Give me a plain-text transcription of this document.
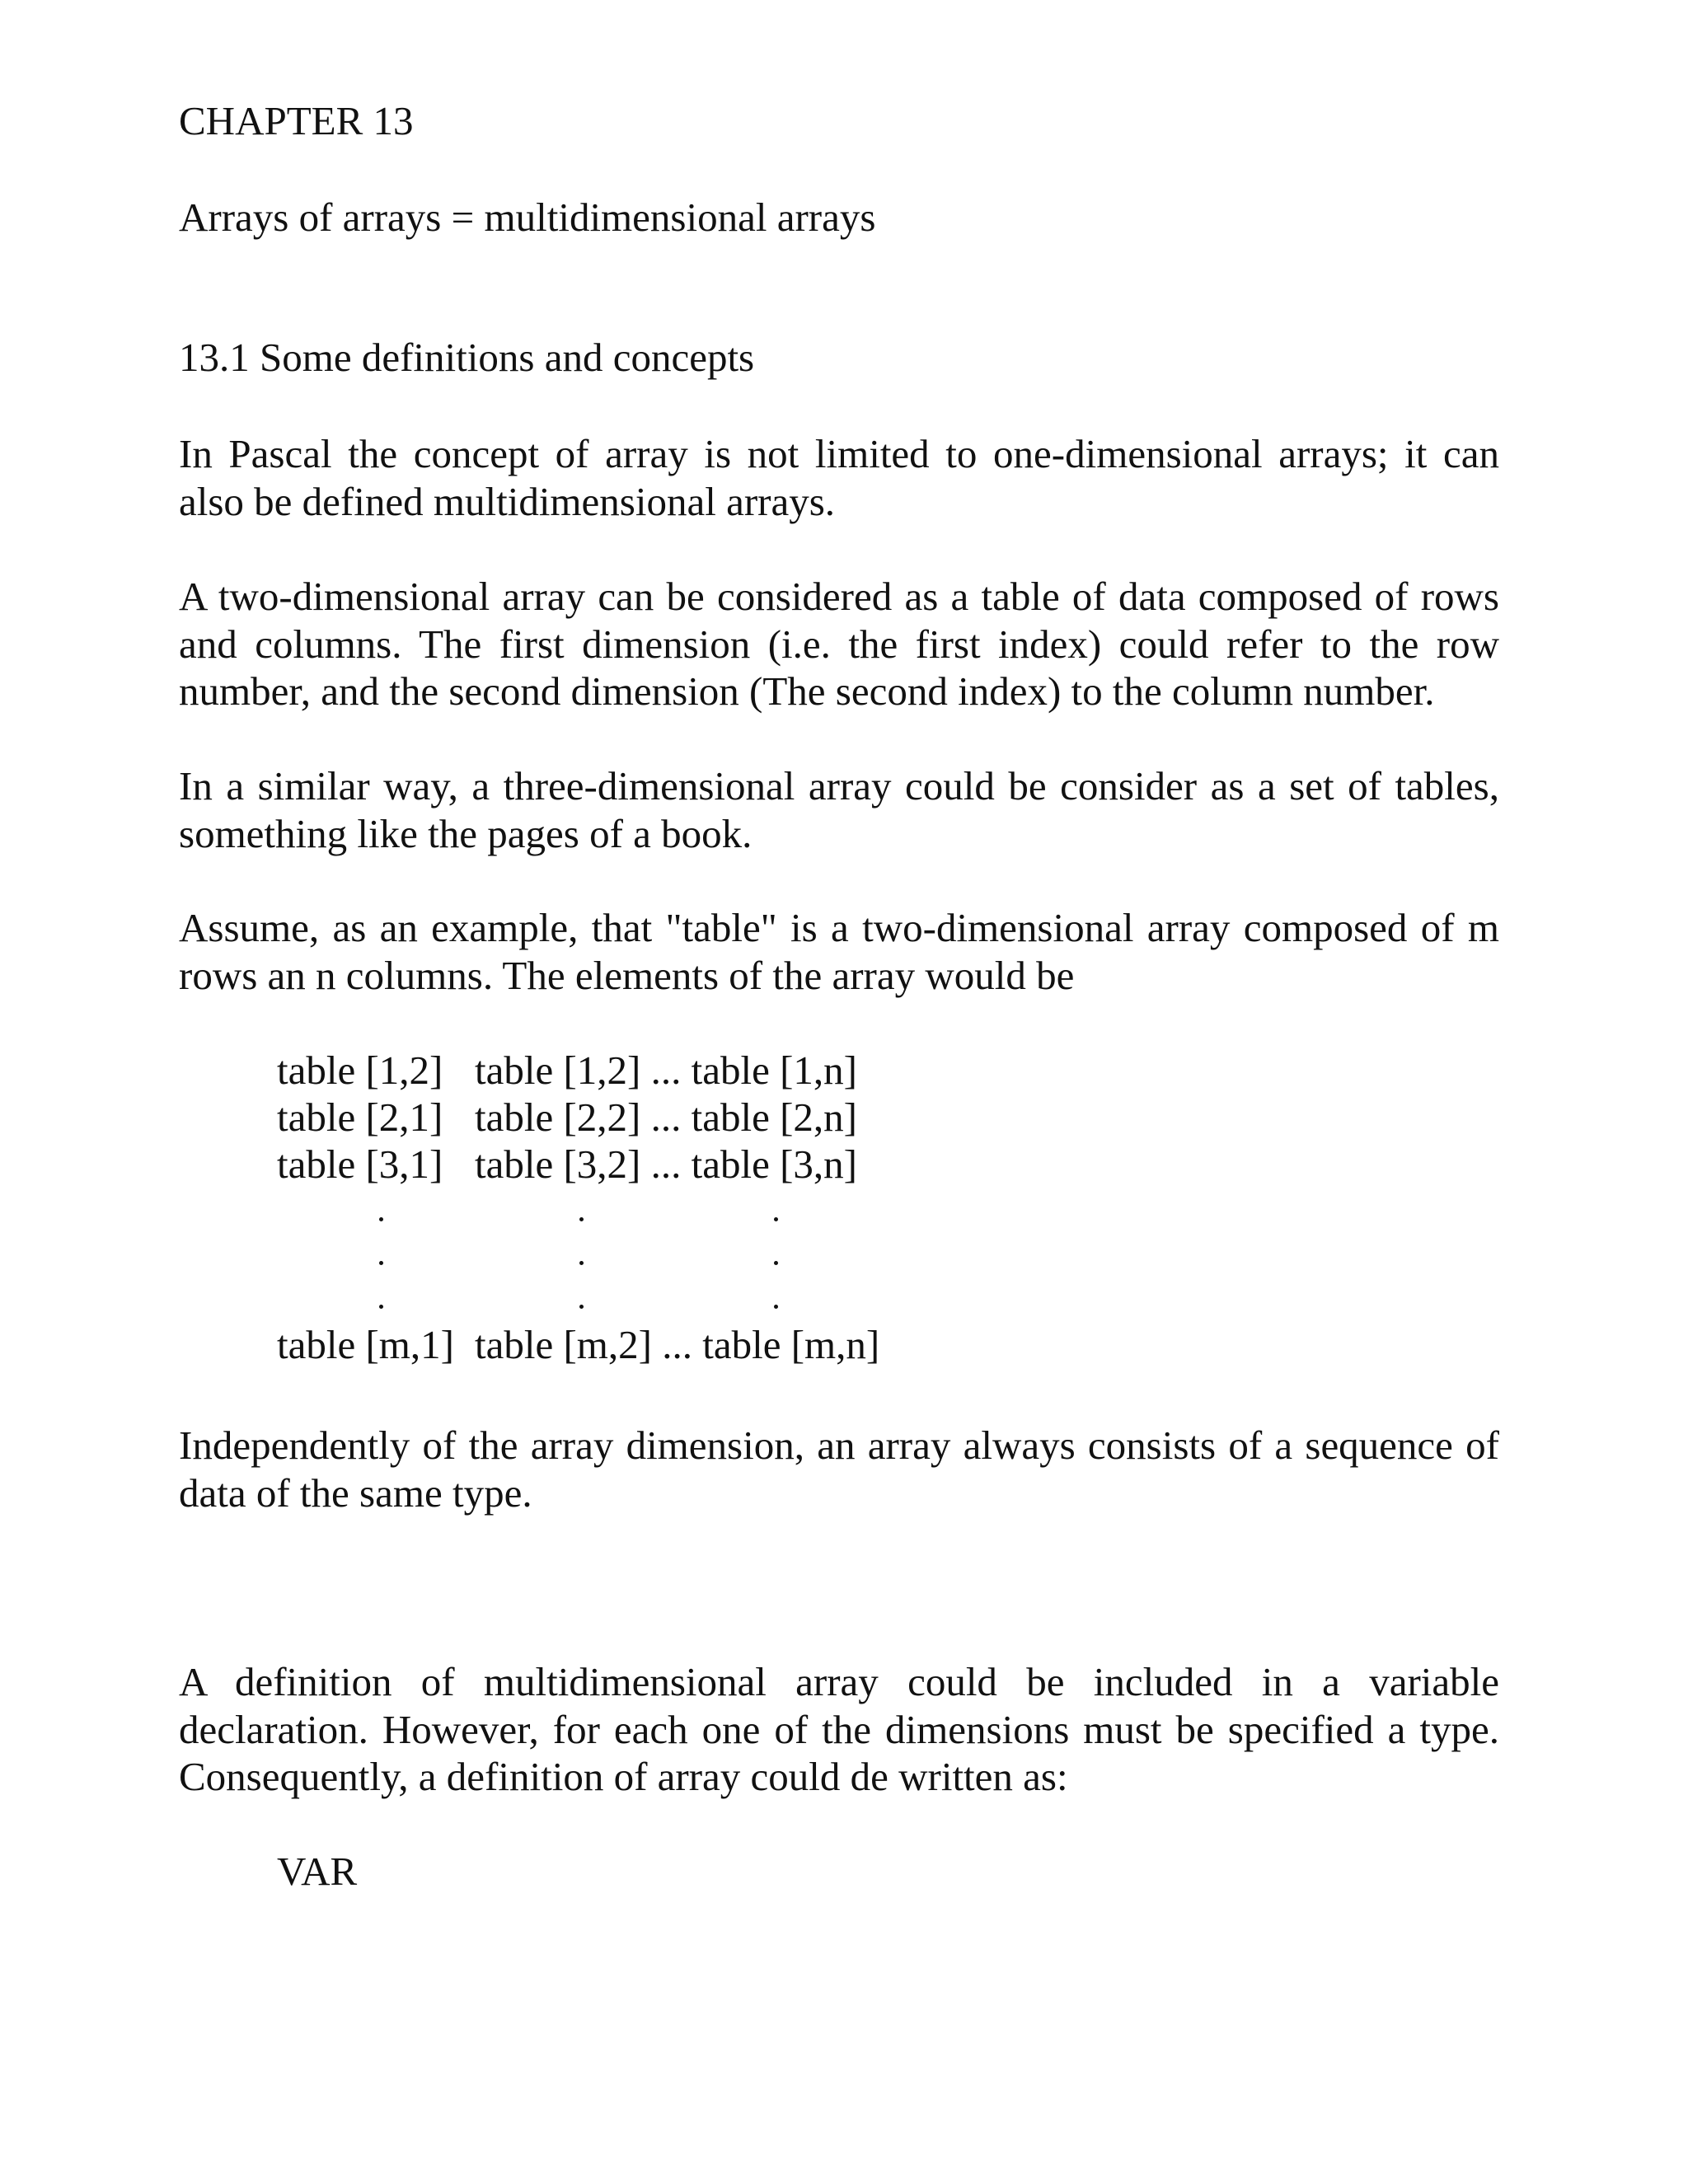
CHAPTER 13
Arrays of arrays = multidimensional arrays
13.1 Some definitions and concepts
In Pascal the concept of array is not limited to one-dimensional arrays; it can
also be defined multidimensional arrays.
A two-dimensional array can be considered as a table of data composed of rows
and columns. The first dimension (i.e. the first index) could refer to the row
number, and the second dimension (The second index) to the column number.
In a similar way, a three-dimensional array could be consider as a set of tables,
something like the pages of a book.
Assume, as an example, that "table" is a two-dimensional array composed of m
rows an n columns. The elements of the array would be
table [1,2] table [1,2] ... table [1,n]
table [2,1] table [2,2] ... table [2,n]
table [3,1] table [3,2] ... table [3,n]
table [m,1] table [m,2] ... table [m,n]
Independently of the array dimension, an array always consists of a sequence of
data of the same type.
A definition of multidimensional array could be included in a variable
declaration. However, for each one of the dimensions must be specified a type.
Consequently, a definition of array could de written as:
VAR
